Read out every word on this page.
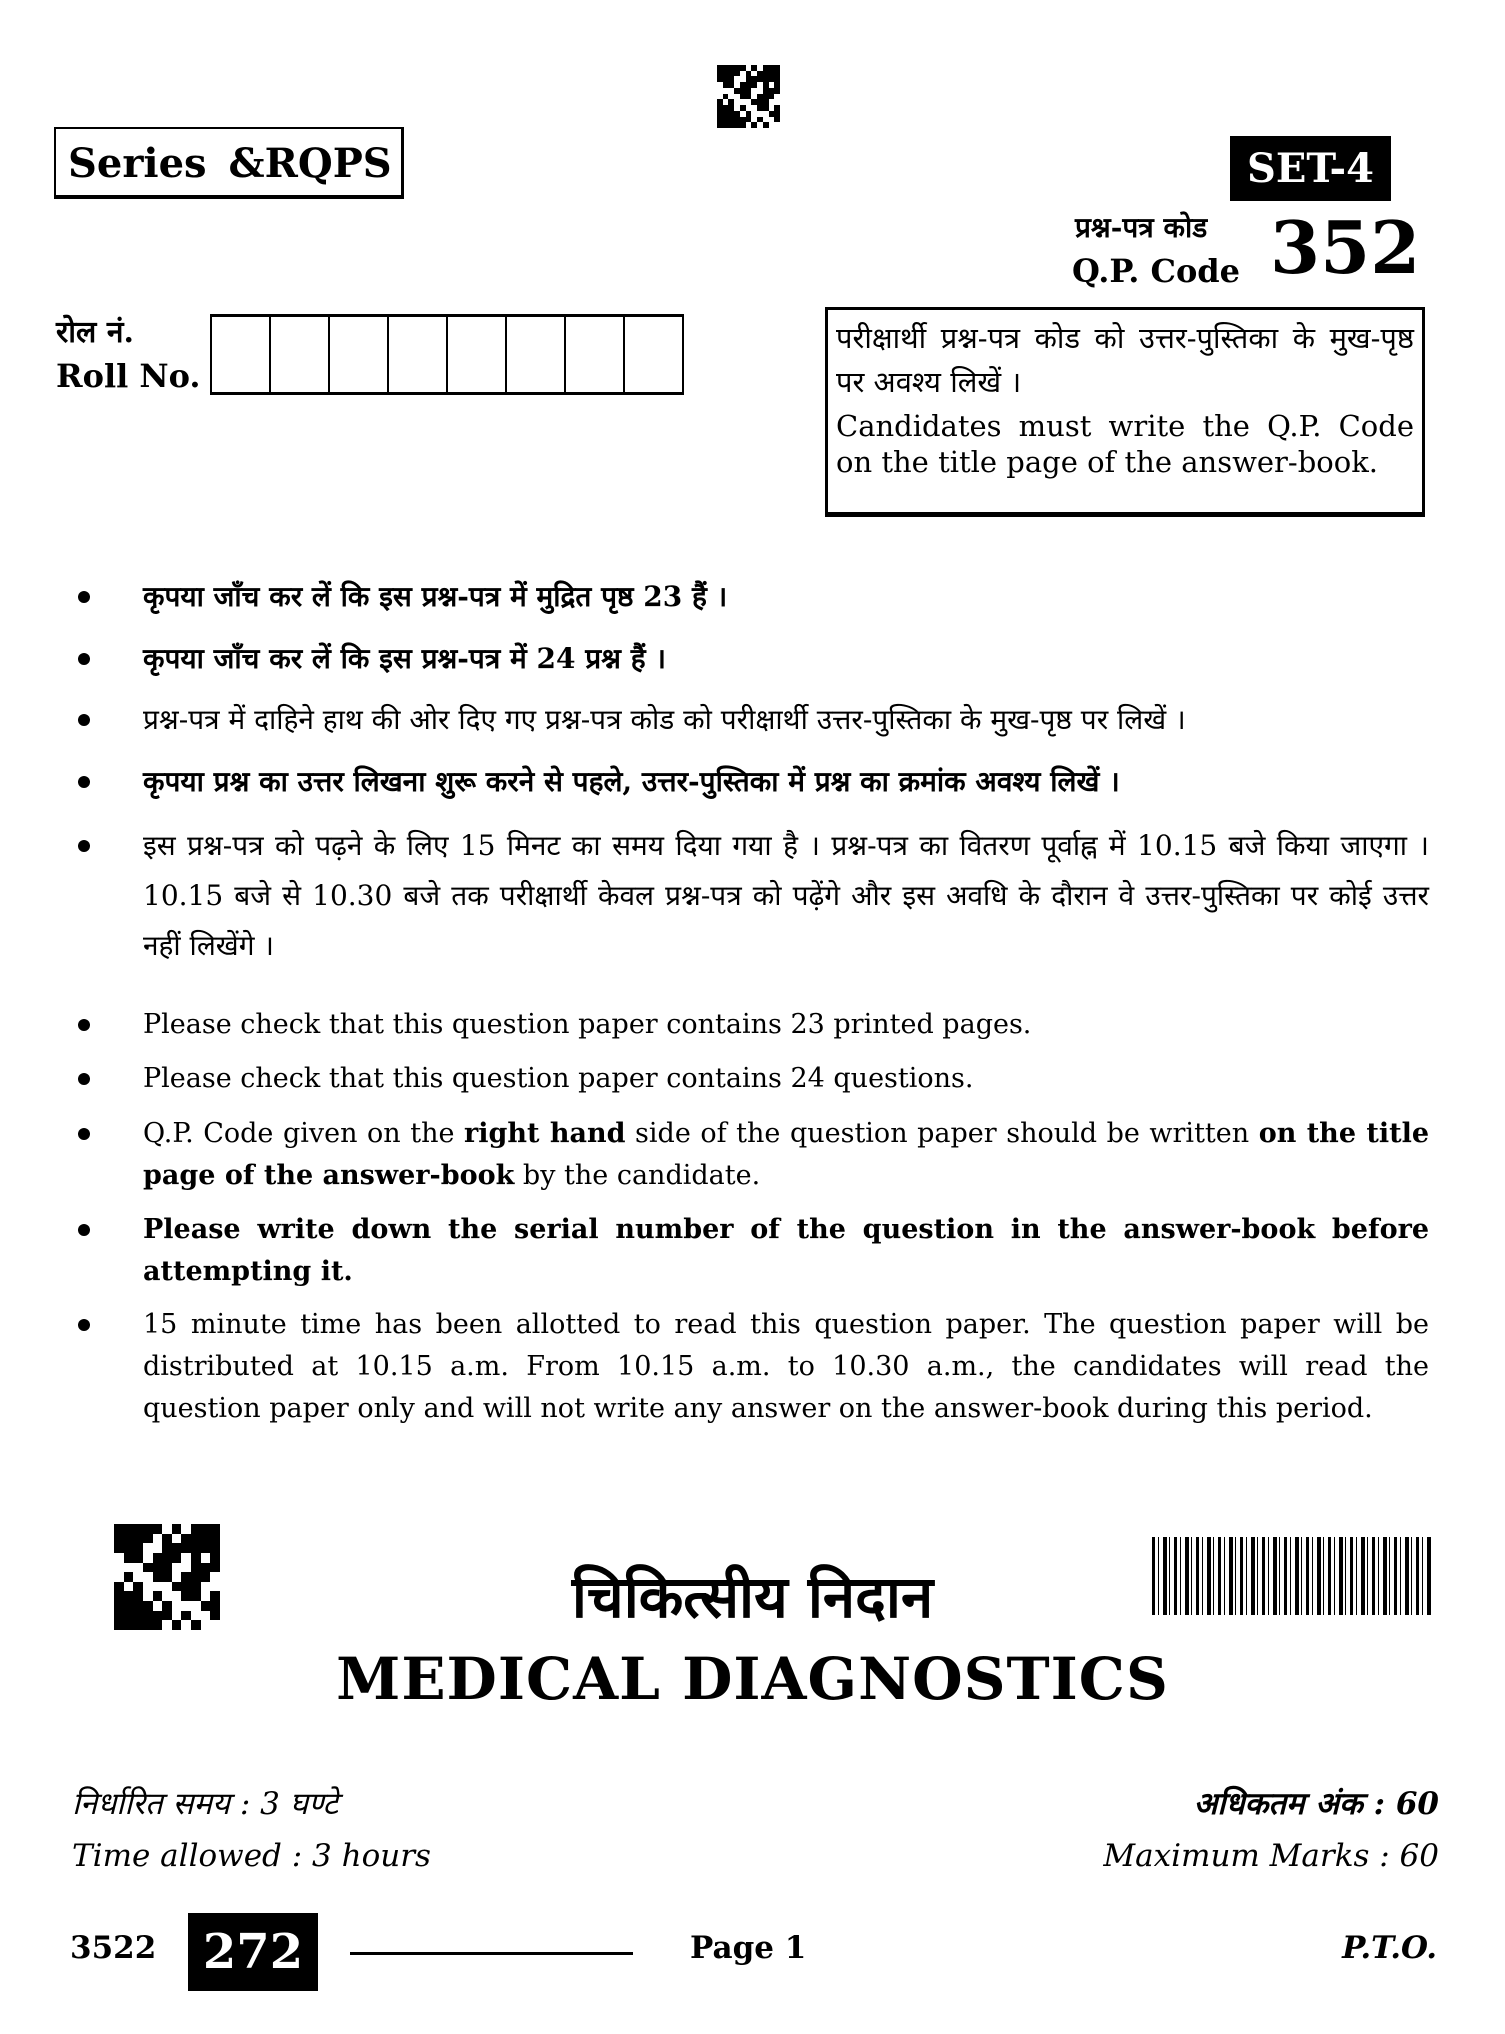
Series &RQPS	SET-4
प्रश्न-पत्र कोड
Q.P. Code 352
रोल नं.
Roll No.
परीक्षार्थी प्रश्न-पत्र कोड को उत्तर-पुस्तिका के मुख-पृष्ठ पर अवश्य लिखें ।
Candidates must write the Q.P. Code on the title page of the answer-book.
कृपया जाँच कर लें कि इस प्रश्न-पत्र में मुद्रित पृष्ठ 23 हैं ।
कृपया जाँच कर लें कि इस प्रश्न-पत्र में 24 प्रश्न हैं ।
प्रश्न-पत्र में दाहिने हाथ की ओर दिए गए प्रश्न-पत्र कोड को परीक्षार्थी उत्तर-पुस्तिका के मुख-पृष्ठ पर लिखें ।
कृपया प्रश्न का उत्तर लिखना शुरू करने से पहले, उत्तर-पुस्तिका में प्रश्न का क्रमांक अवश्य लिखें ।
इस प्रश्न-पत्र को पढ़ने के लिए 15 मिनट का समय दिया गया है । प्रश्न-पत्र का वितरण पूर्वाह्न में 10.15 बजे किया जाएगा । 10.15 बजे से 10.30 बजे तक परीक्षार्थी केवल प्रश्न-पत्र को पढ़ेंगे और इस अवधि के दौरान वे उत्तर-पुस्तिका पर कोई उत्तर नहीं लिखेंगे ।
Please check that this question paper contains 23 printed pages.
Please check that this question paper contains 24 questions.
Q.P. Code given on the right hand side of the question paper should be written on the title page of the answer-book by the candidate.
Please write down the serial number of the question in the answer-book before attempting it.
15 minute time has been allotted to read this question paper. The question paper will be distributed at 10.15 a.m. From 10.15 a.m. to 10.30 a.m., the candidates will read the question paper only and will not write any answer on the answer-book during this period.
चिकित्सीय निदान
MEDICAL DIAGNOSTICS
निर्धारित समय : 3 घण्टे
Time allowed : 3 hours
अधिकतम अंक : 60
Maximum Marks : 60
3522 272	Page 1	P.T.O.
